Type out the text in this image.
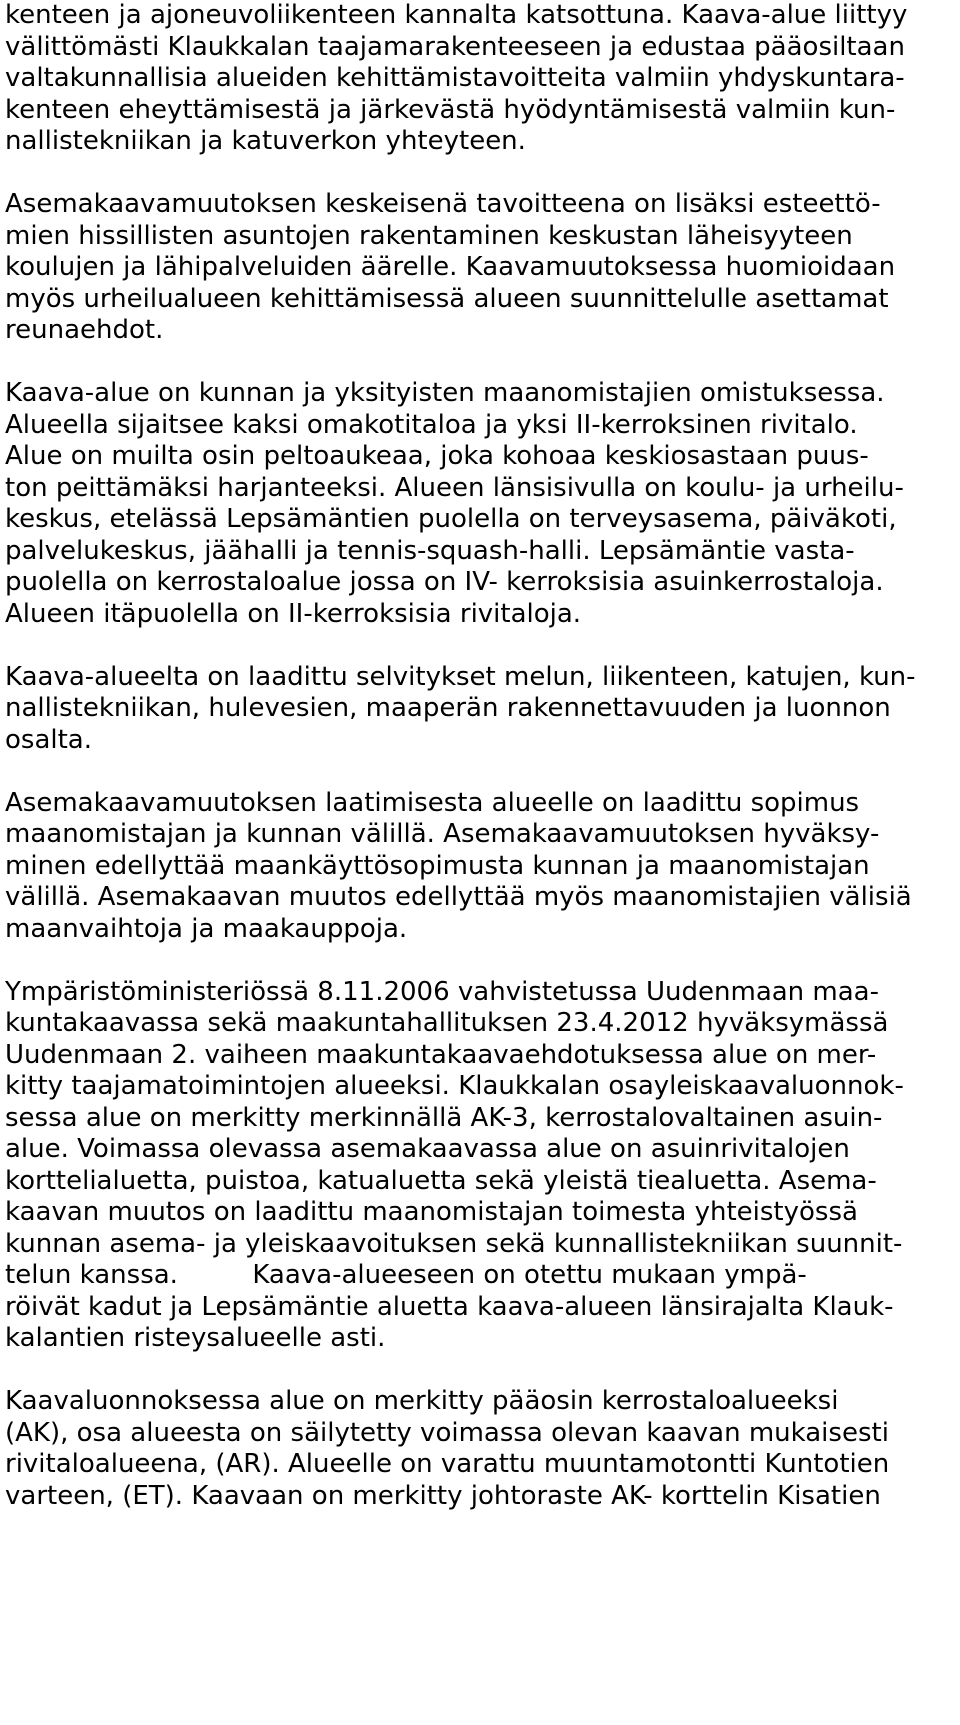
kenteen ja ajoneuvoliikenteen kannalta katsottuna. Kaava-alue liittyy
välittömästi Klaukkalan taajamarakenteeseen ja edustaa pääosiltaan
valtakunnallisia alueiden kehittämistavoitteita valmiin yhdyskuntara-
kenteen eheyttämisestä ja järkevästä hyödyntämisestä valmiin kun-
nallistekniikan ja katuverkon yhteyteen.
Asemakaavamuutoksen keskeisenä tavoitteena on lisäksi esteettö-
mien hissillisten asuntojen rakentaminen keskustan läheisyyteen
koulujen ja lähipalveluiden äärelle. Kaavamuutoksessa huomioidaan
myös urheilualueen kehittämisessä alueen suunnittelulle asettamat
reunaehdot.
Kaava-alue on kunnan ja yksityisten maanomistajien omistuksessa.
Alueella sijaitsee kaksi omakotitaloa ja yksi II-kerroksinen rivitalo.
Alue on muilta osin peltoaukeaa, joka kohoaa keskiosastaan puus-
ton peittämäksi harjanteeksi. Alueen länsisivulla on koulu- ja urheilu-
keskus, etelässä Lepsämäntien puolella on terveysasema, päiväkoti,
palvelukeskus, jäähalli ja tennis-squash-halli. Lepsämäntie vasta-
puolella on kerrostaloalue jossa on IV- kerroksisia asuinkerrostaloja.
Alueen itäpuolella on II-kerroksisia rivitaloja.
Kaava-alueelta on laadittu selvitykset melun, liikenteen, katujen, kun-
nallistekniikan, hulevesien, maaperän rakennettavuuden ja luonnon
osalta.
Asemakaavamuutoksen laatimisesta alueelle on laadittu sopimus
maanomistajan ja kunnan välillä. Asemakaavamuutoksen hyväksy-
minen edellyttää maankäyttösopimusta kunnan ja maanomistajan
välillä. Asemakaavan muutos edellyttää myös maanomistajien välisiä
maanvaihtoja ja maakauppoja.
Ympäristöministeriössä 8.11.2006 vahvistetussa Uudenmaan maa-
kuntakaavassa sekä maakuntahallituksen 23.4.2012 hyväksymässä
Uudenmaan 2. vaiheen maakuntakaavaehdotuksessa alue on mer-
kitty taajamatoimintojen alueeksi. Klaukkalan osayleiskaavaluonnok-
sessa alue on merkitty merkinnällä AK-3, kerrostalovaltainen asuin-
alue. Voimassa olevassa asemakaavassa alue on asuinrivitalojen
korttelialuetta, puistoa, katualuetta sekä yleistä tiealuetta. Asema-
kaavan muutos on laadittu maanomistajan toimesta yhteistyössä
kunnan asema- ja yleiskaavoituksen sekä kunnallistekniikan suunnit-
telun kanssa.         Kaava-alueeseen on otettu mukaan ympä-
röivät kadut ja Lepsämäntie aluetta kaava-alueen länsirajalta Klauk-
kalantien risteysalueelle asti.
Kaavaluonnoksessa alue on merkitty pääosin kerrostaloalueeksi
(AK), osa alueesta on säilytetty voimassa olevan kaavan mukaisesti
rivitaloalueena, (AR). Alueelle on varattu muuntamotontti Kuntotien
varteen, (ET). Kaavaan on merkitty johtoraste AK- korttelin Kisatien
